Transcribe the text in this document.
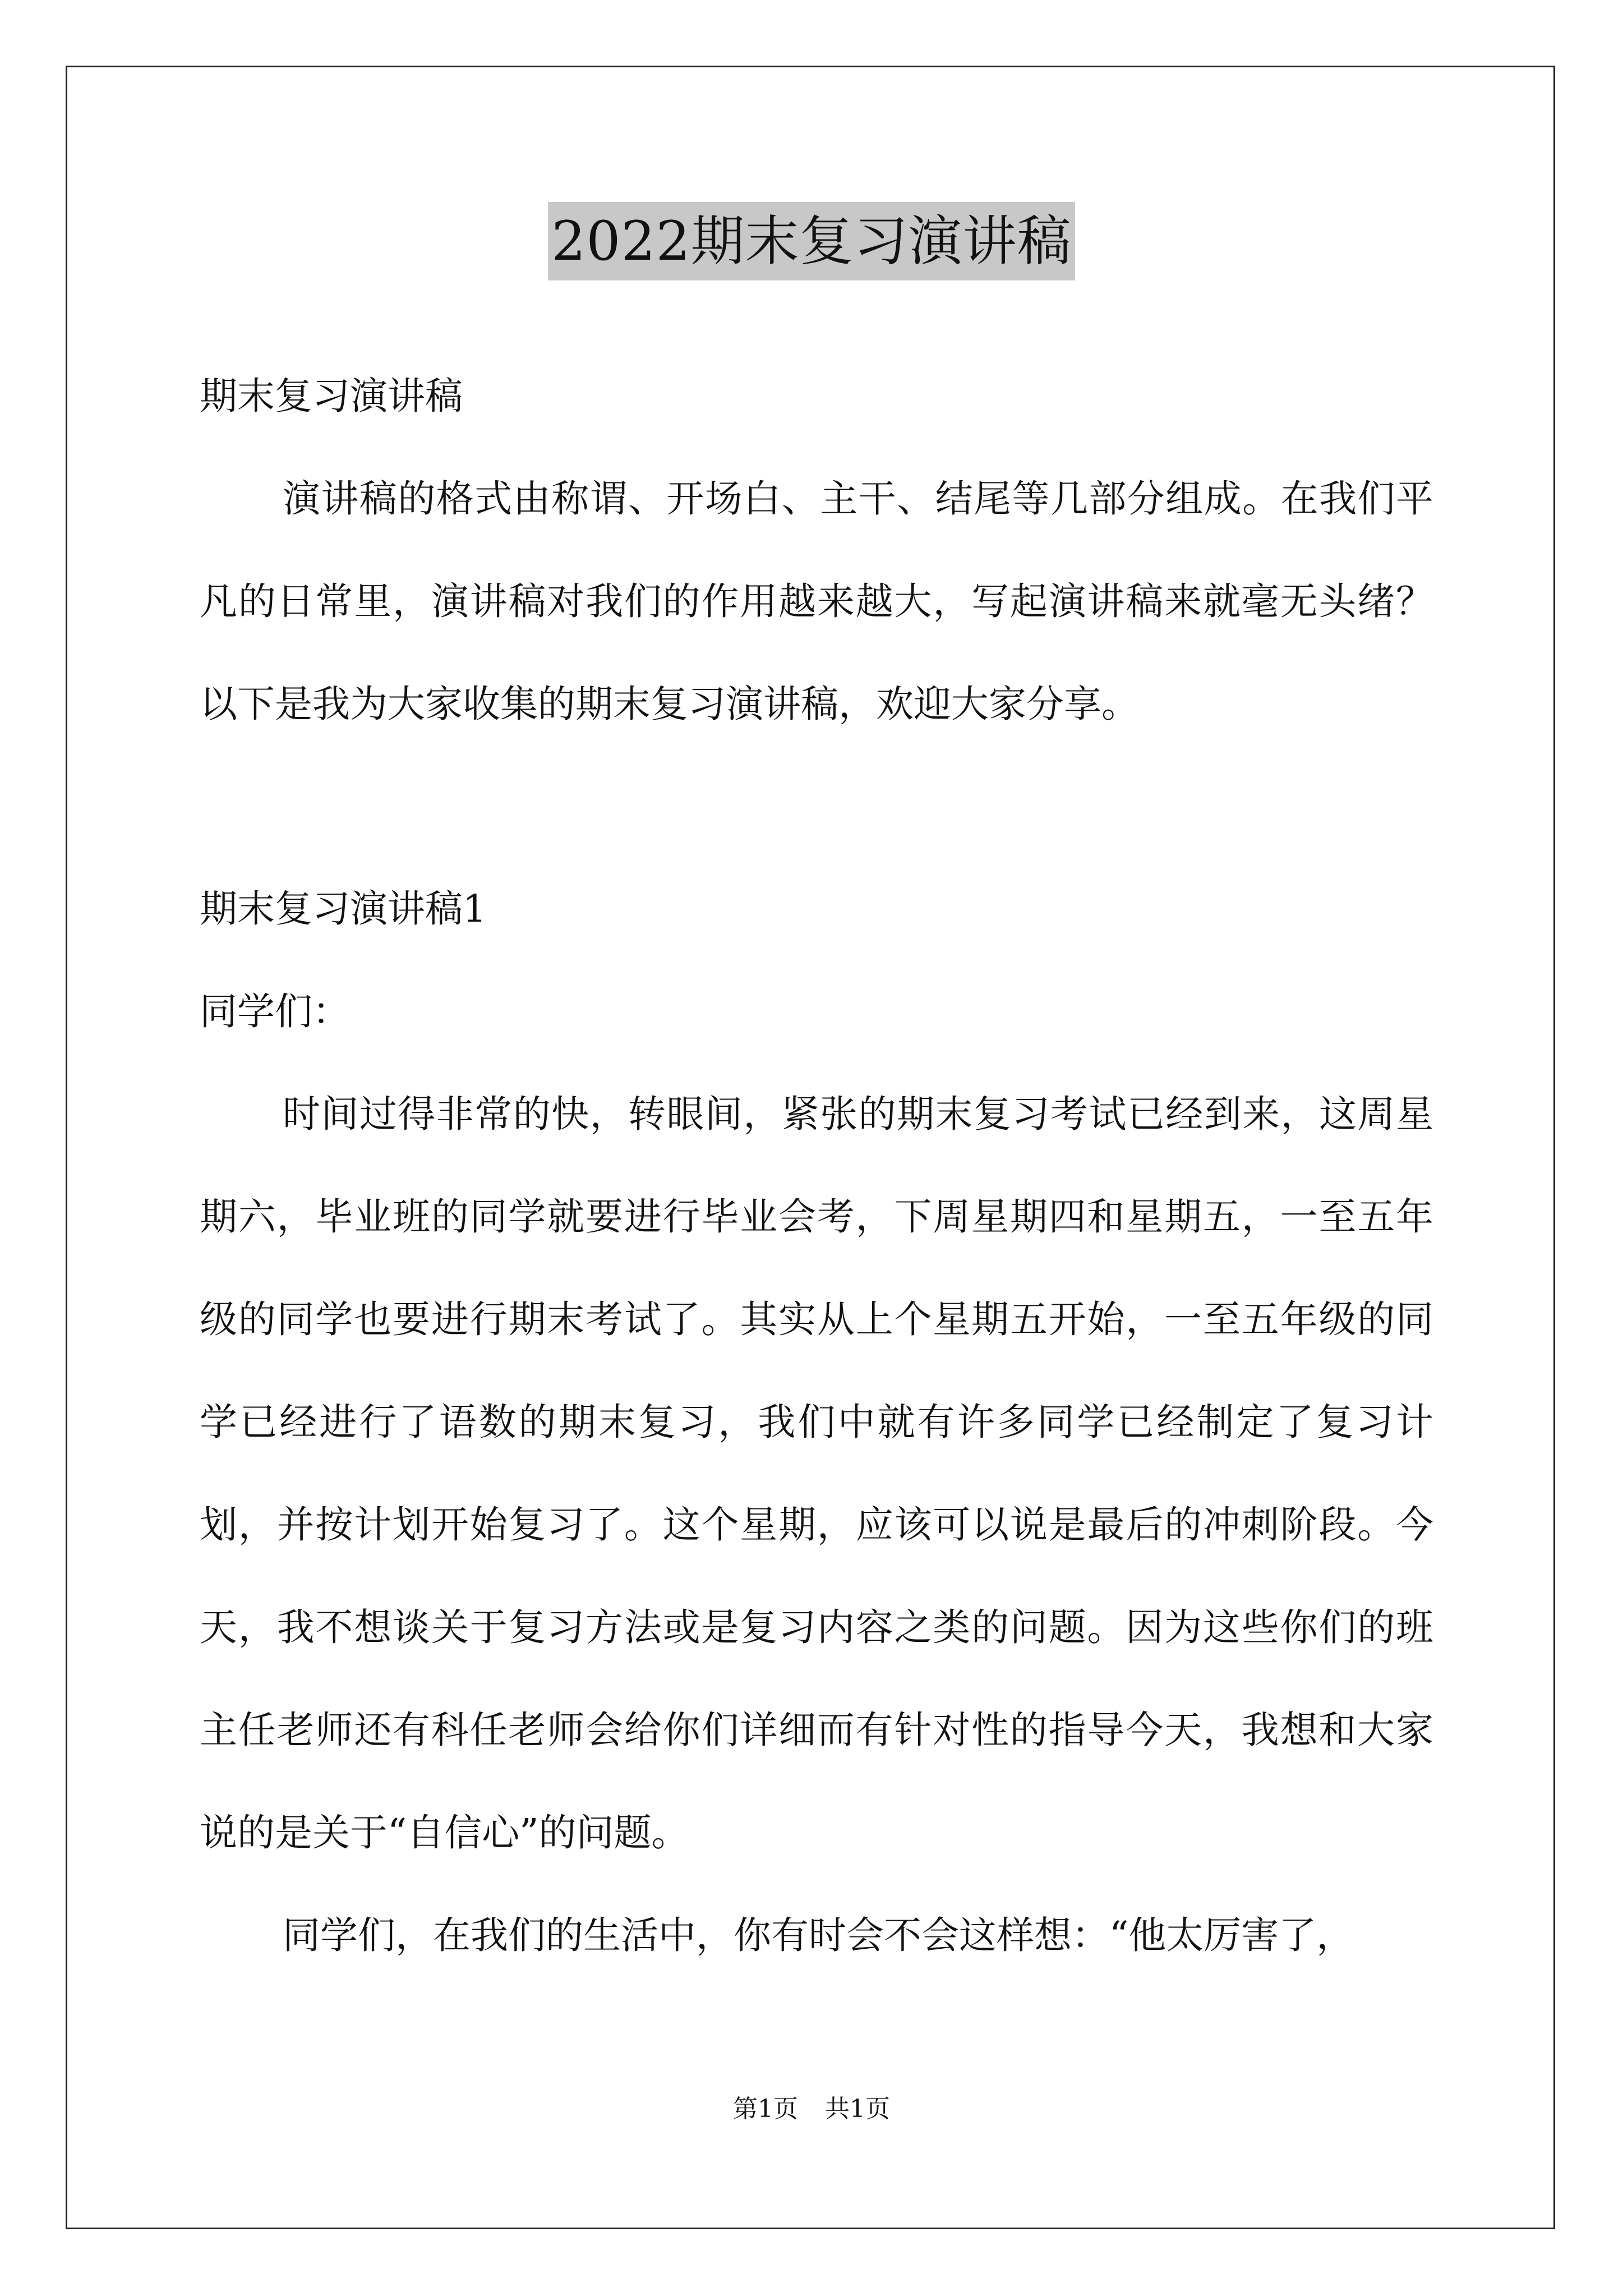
2022期末复习演讲稿

期末复习演讲稿

演讲稿的格式由称谓、开场白、主干、结尾等几部分组成。在我们平凡的日常里，演讲稿对我们的作用越来越大，写起演讲稿来就毫无头绪？以下是我为大家收集的期末复习演讲稿，欢迎大家分享。

期末复习演讲稿1

同学们：

时间过得非常的快，转眼间，紧张的期末复习考试已经到来，这周星期六，毕业班的同学就要进行毕业会考，下周星期四和星期五，一至五年级的同学也要进行期末考试了。其实从上个星期五开始，一至五年级的同学已经进行了语数的期末复习，我们中就有许多同学已经制定了复习计划，并按计划开始复习了。这个星期，应该可以说是最后的冲刺阶段。今天，我不想谈关于复习方法或是复习内容之类的问题。因为这些你们的班主任老师还有科任老师会给你们详细而有针对性的指导今天，我想和大家说的是关于“自信心”的问题。

同学们，在我们的生活中，你有时会不会这样想：“他太厉害了，

第1页 共1页
